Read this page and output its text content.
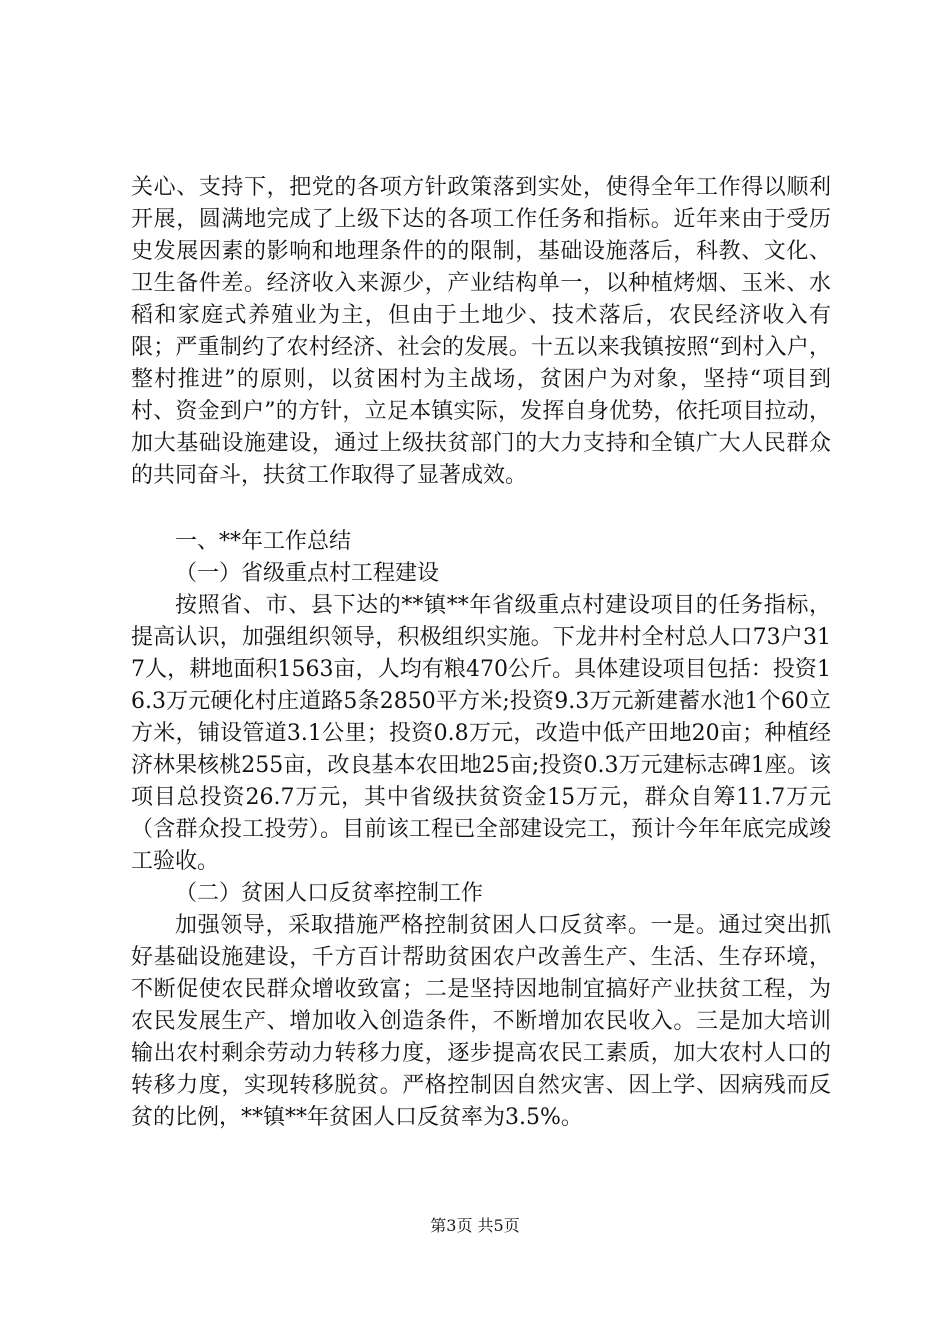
关心、支持下，把党的各项方针政策落到实处，使得全年工作得以顺利开展，圆满地完成了上级下达的各项工作任务和指标。近年来由于受历史发展因素的影响和地理条件的的限制，基础设施落后，科教、文化、卫生备件差。经济收入来源少，产业结构单一，以种植烤烟、玉米、水稻和家庭式养殖业为主，但由于土地少、技术落后，农民经济收入有限；严重制约了农村经济、社会的发展。十五以来我镇按照“到村入户，整村推进”的原则，以贫困村为主战场，贫困户为对象，坚持“项目到村、资金到户”的方针，立足本镇实际，发挥自身优势，依托项目拉动，加大基础设施建设，通过上级扶贫部门的大力支持和全镇广大人民群众的共同奋斗，扶贫工作取得了显著成效。

一、**年工作总结

（一）省级重点村工程建设

按照省、市、县下达的**镇**年省级重点村建设项目的任务指标，提高认识，加强组织领导，积极组织实施。下龙井村全村总人口73户317人，耕地面积1563亩，人均有粮470公斤。具体建设项目包括：投资16.3万元硬化村庄道路5条2850平方米;投资9.3万元新建蓄水池1个60立方米，铺设管道3.1公里；投资0.8万元，改造中低产田地20亩；种植经济林果核桃255亩，改良基本农田地25亩;投资0.3万元建标志碑1座。该项目总投资26.7万元，其中省级扶贫资金15万元，群众自筹11.7万元（含群众投工投劳）。目前该工程已全部建设完工，预计今年年底完成竣工验收。

（二）贫困人口反贫率控制工作

加强领导，采取措施严格控制贫困人口反贫率。一是。通过突出抓好基础设施建设，千方百计帮助贫困农户改善生产、生活、生存环境，不断促使农民群众增收致富；二是坚持因地制宜搞好产业扶贫工程，为农民发展生产、增加收入创造条件，不断增加农民收入。三是加大培训输出农村剩余劳动力转移力度，逐步提高农民工素质，加大农村人口的转移力度，实现转移脱贫。严格控制因自然灾害、因上学、因病残而反贫的比例，**镇**年贫困人口反贫率为3.5%。

第3页 共5页
